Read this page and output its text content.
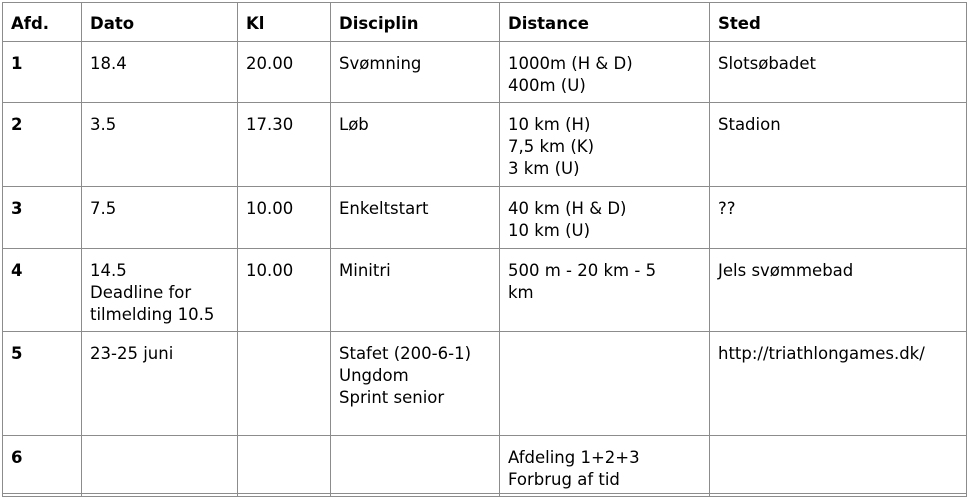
Afd.	Dato	Kl	Disciplin	Distance	Sted

1	18.4	20.00	Svømning	1000m (H & D)
400m (U)	Slotsøbadet

2	3.5	17.30	Løb	10 km (H)
7,5 km (K)
3 km (U)	Stadion

3	7.5	10.00	Enkeltstart	40 km (H & D)
10 km (U)	??

4	14.5
Deadline for
tilmelding 10.5	10.00	Minitri	500 m - 20 km - 5
km	Jels svømmebad

5	23-25 juni		Stafet (200-6-1)
Ungdom
Sprint senior		http://triathlongames.dk/

6				Afdeling 1+2+3
Forbrug af tid	
